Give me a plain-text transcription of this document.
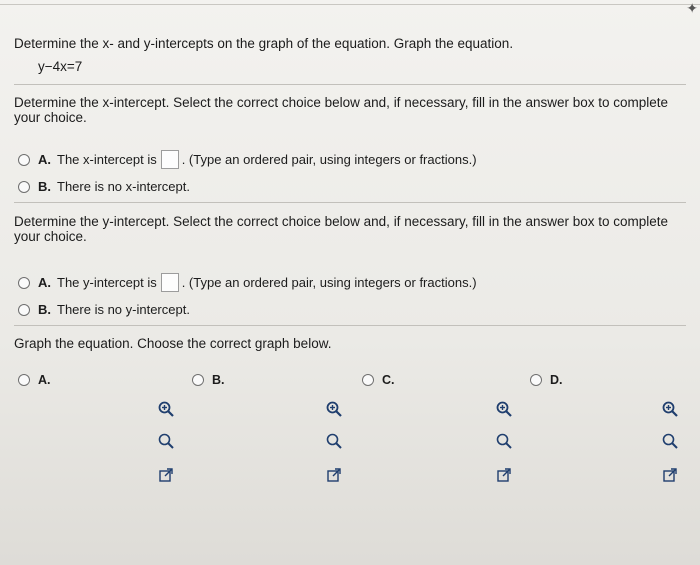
✦
Determine the x- and y-intercepts on the graph of the equation. Graph the equation.
y−4x=7
Determine the x-intercept. Select the correct choice below and, if necessary, fill in the answer box to complete your choice.
A. The x-intercept is . (Type an ordered pair, using integers or fractions.)
B. There is no x-intercept.
Determine the y-intercept. Select the correct choice below and, if necessary, fill in the answer box to complete your choice.
A. The y-intercept is . (Type an ordered pair, using integers or fractions.)
B. There is no y-intercept.
Graph the equation. Choose the correct graph below.
A.	B.	C.	D.
